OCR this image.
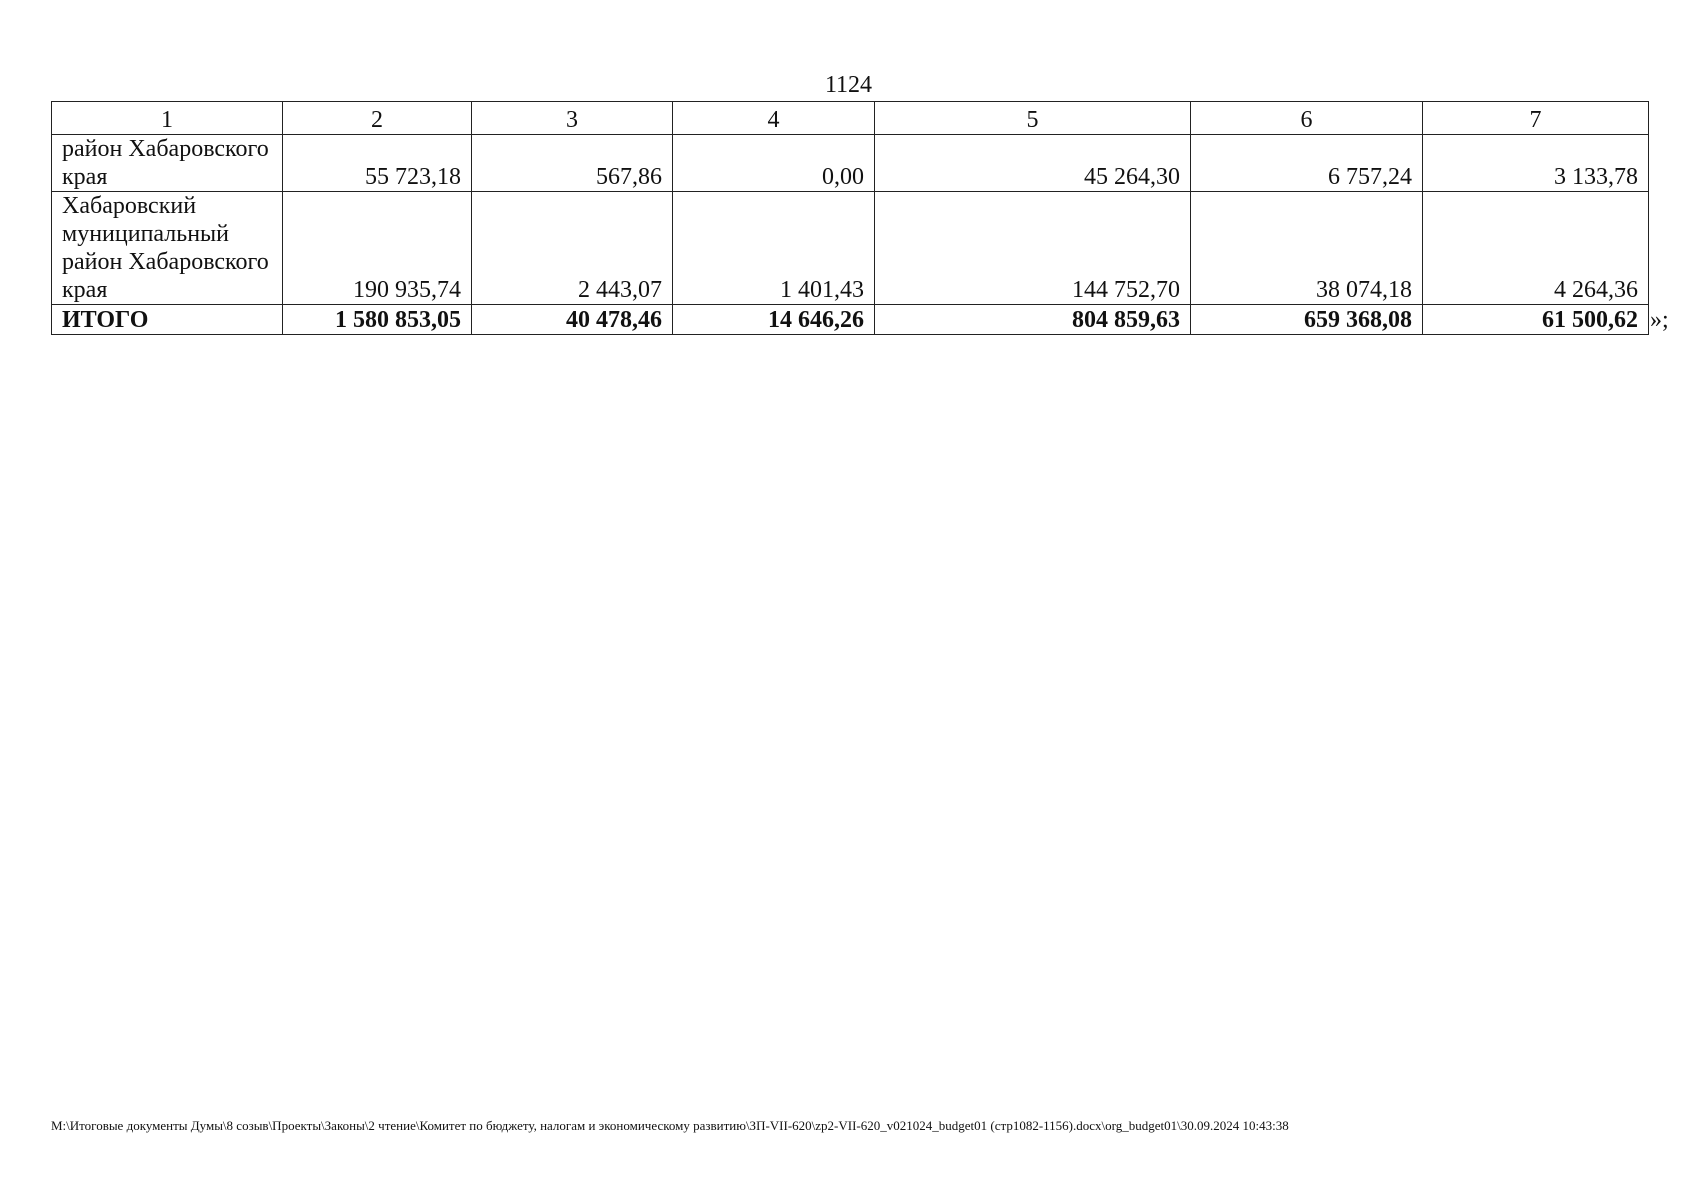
1124
1	2	3	4	5	6	7

район Хабаровского
края	55 723,18	567,86	0,00	45 264,30	6 757,24	3 133,78

Хабаровский
муниципальный
район Хабаровского
края	190 935,74	2 443,07	1 401,43	144 752,70	38 074,18	4 264,36
ИТОГО	1 580 853,05	40 478,46	14 646,26	804 859,63	659 368,08	61 500,62 »;
M:\Итоговые документы Думы\8 созыв\Проекты\Законы\2 чтение\Комитет по бюджету, налогам и экономическому развитию\ЗП-VII-620\zp2-VII-620_v021024_budget01 (стр1082-1156).docx\org_budget01\30.09.2024 10:43:38
